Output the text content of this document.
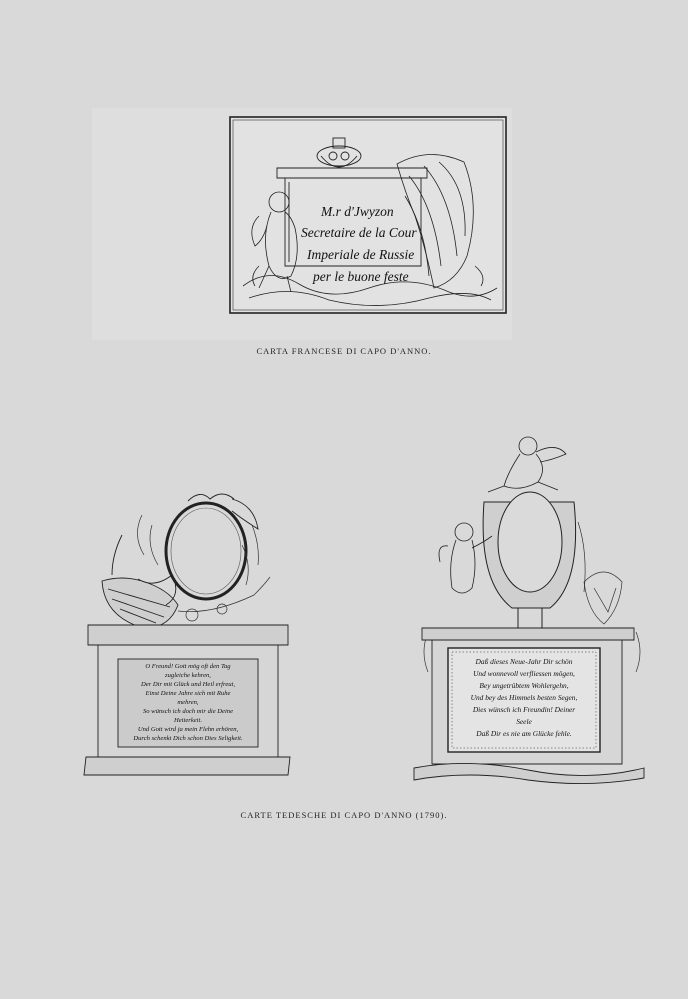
M.r d'Jwyzon
Secretaire de la Cour
Imperiale de Russie
per le buone feste
CARTA FRANCESE DI CAPO D'ANNO.
O Freund! Gott mög oft den Tag
zugleiche kehren,
Der Dir mit Glück und Heil erfreut,
Einst Deine Jahre sich mit Ruhe
mehren,
So wünsch ich doch mir die Deine
Heiterkeit.
Und Gott wird ja mein Flehn erhören,
Durch schenkt Dich schon Dies Seligkeit.
Daß dieses Neue-Jahr Dir schön
Und wonnevoll verfliessen mögen,
Bey ungetrübtem Wohlergehn,
Und bey des Himmels besten Segen,
Dies wünsch ich Freundin! Deiner
Seele
Daß Dir es nie am Glücke fehle.
CARTE TEDESCHE DI CAPO D'ANNO (1790).
